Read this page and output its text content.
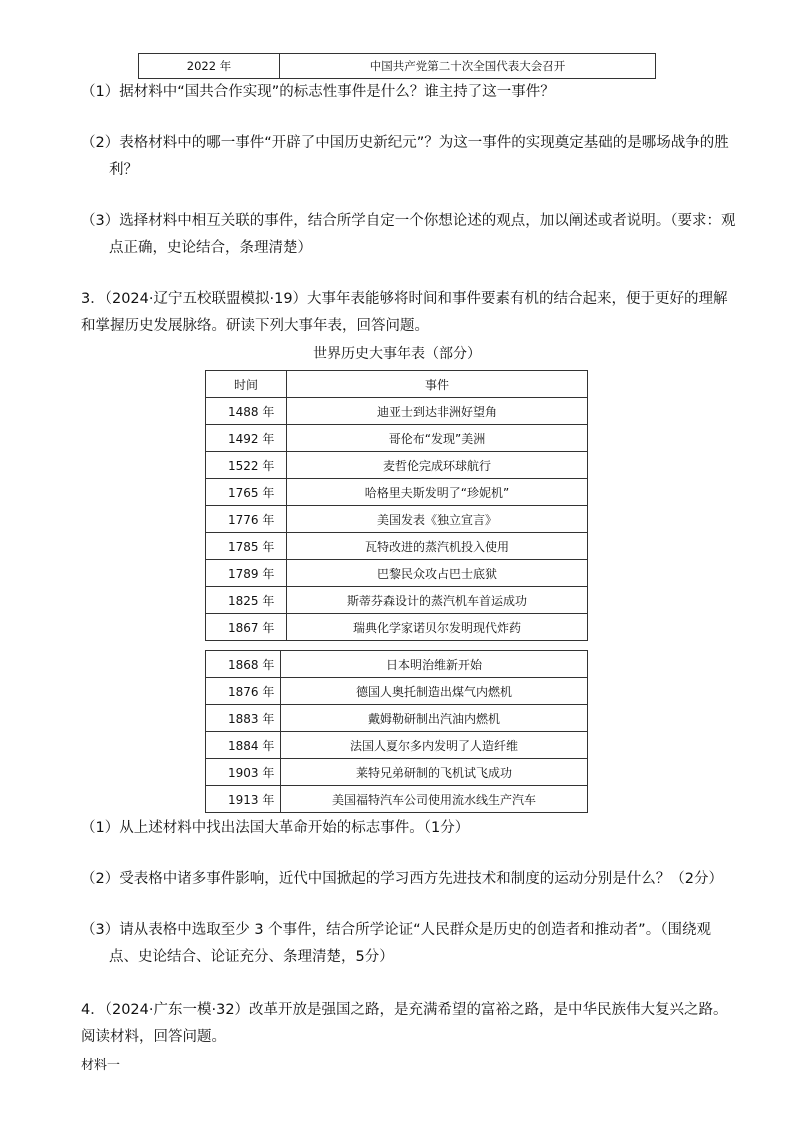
2022 年	中国共产党第二十次全国代表大会召开
（1）据材料中“国共合作实现”的标志性事件是什么？谁主持了这一事件？
（2）表格材料中的哪一事件“开辟了中国历史新纪元”？为这一事件的实现奠定基础的是哪场战争的胜
利？
（3）选择材料中相互关联的事件，结合所学自定一个你想论述的观点，加以阐述或者说明。（要求：观
点正确，史论结合，条理清楚）
3．（2024·辽宁五校联盟模拟·19）大事年表能够将时间和事件要素有机的结合起来，便于更好的理解
和掌握历史发展脉络。研读下列大事年表，回答问题。
世界历史大事年表（部分）
时间	事件
1488 年	迪亚士到达非洲好望角
1492 年	哥伦布“发现”美洲
1522 年	麦哲伦完成环球航行
1765 年	哈格里夫斯发明了“珍妮机”
1776 年	美国发表《独立宣言》
1785 年	瓦特改进的蒸汽机投入使用
1789 年	巴黎民众攻占巴士底狱
1825 年	斯蒂芬森设计的蒸汽机车首运成功
1867 年	瑞典化学家诺贝尔发明现代炸药
1868 年	日本明治维新开始
1876 年	德国人奥托制造出煤气内燃机
1883 年	戴姆勒研制出汽油内燃机
1884 年	法国人夏尔多内发明了人造纤维
1903 年	莱特兄弟研制的飞机试飞成功
1913 年	美国福特汽车公司使用流水线生产汽车
（1）从上述材料中找出法国大革命开始的标志事件。（1分）
（2）受表格中诸多事件影响，近代中国掀起的学习西方先进技术和制度的运动分别是什么？（2分）
（3）请从表格中选取至少 3 个事件，结合所学论证“人民群众是历史的创造者和推动者”。（围绕观
点、史论结合、论证充分、条理清楚，5分）
4．（2024·广东一模·32）改革开放是强国之路，是充满希望的富裕之路，是中华民族伟大复兴之路。
阅读材料，回答问题。
材料一
